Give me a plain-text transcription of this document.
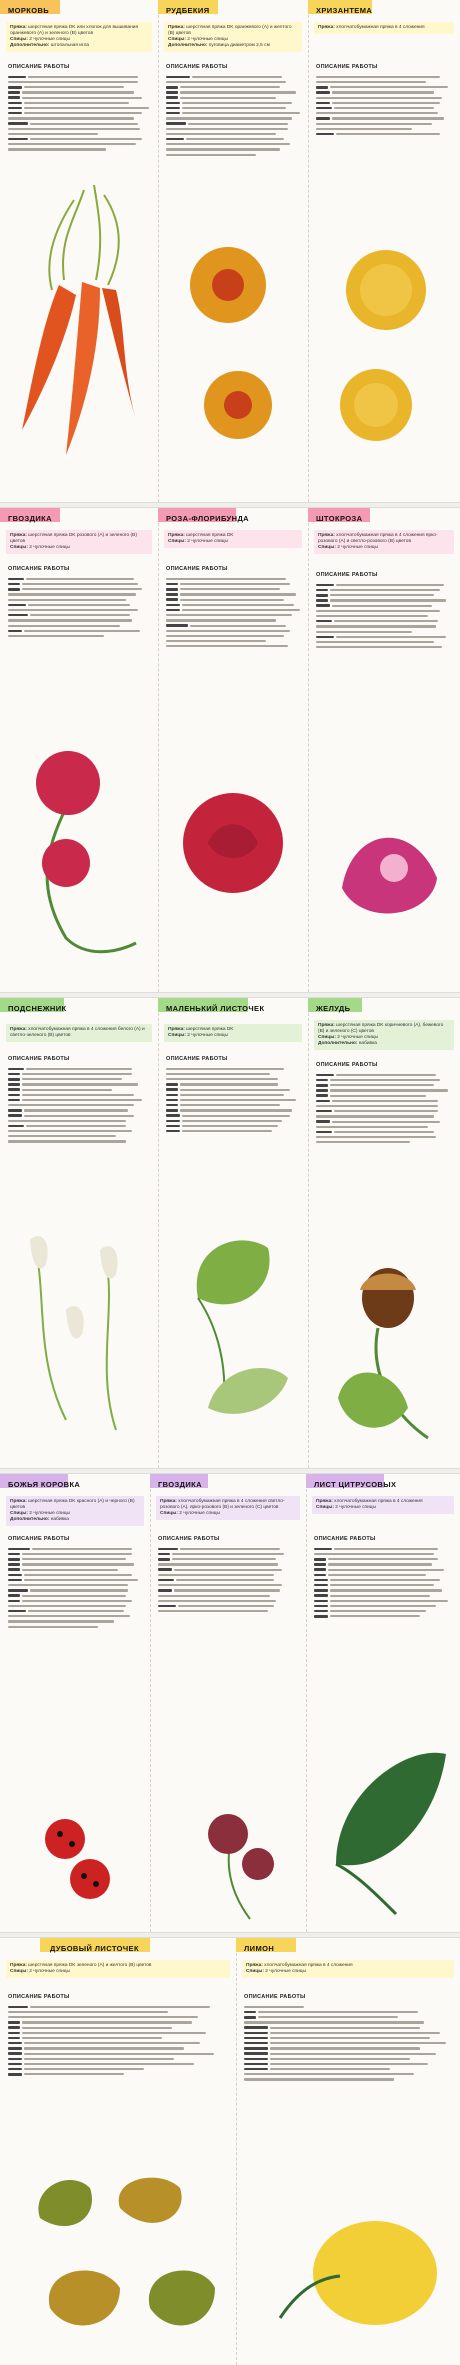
МОРКОВЬ
Пряжа: шерстяная пряжа DK или хлопок для вышивания оранжевого (A) и зеленого (B) цветов
Спицы: 2 чулочные спицы
Дополнительно: штопальная игла
ОПИСАНИЕ РАБОТЫ
РУДБЕКИЯ
Пряжа: шерстяная пряжа DK оранжевого (A) и желтого (B) цветов
Спицы: 2 чулочные спицы
Дополнительно: пуговица диаметром 2,5 см
ОПИСАНИЕ РАБОТЫ
ХРИЗАНТЕМА
Пряжа: хлопчатобумажная пряжа в 4 сложения
ОПИСАНИЕ РАБОТЫ
ГВОЗДИКА
Пряжа: шерстяная пряжа DK розового (A) и зеленого (B) цветов
Спицы: 2 чулочные спицы
ОПИСАНИЕ РАБОТЫ
РОЗА-ФЛОРИБУНДА
Пряжа: шерстяная пряжа DK
Спицы: 2 чулочные спицы
ОПИСАНИЕ РАБОТЫ
ШТОКРОЗА
Пряжа: хлопчатобумажная пряжа в 4 сложения ярко-розового (A) и светло-розового (B) цветов
Спицы: 2 чулочные спицы
ОПИСАНИЕ РАБОТЫ
ПОДСНЕЖНИК
Пряжа: хлопчатобумажная пряжа в 4 сложения белого (A) и светло-зеленого (B) цветов
ОПИСАНИЕ РАБОТЫ
МАЛЕНЬКИЙ ЛИСТОЧЕК
Пряжа: шерстяная пряжа DK
Спицы: 2 чулочные спицы
ОПИСАНИЕ РАБОТЫ
ЖЕЛУДЬ
Пряжа: шерстяная пряжа DK коричневого (A), бежевого (B) и зеленого (C) цветов
Спицы: 2 чулочные спицы
Дополнительно: набивка
ОПИСАНИЕ РАБОТЫ
БОЖЬЯ КОРОВКА
Пряжа: шерстяная пряжа DK красного (A) и черного (B) цветов
Спицы: 2 чулочные спицы
Дополнительно: набивка
ОПИСАНИЕ РАБОТЫ
ГВОЗДИКА
Пряжа: хлопчатобумажная пряжа в 4 сложения светло-розового (A), ярко-розового (B) и зеленого (C) цветов
Спицы: 2 чулочные спицы
ОПИСАНИЕ РАБОТЫ
ЛИСТ ЦИТРУСОВЫХ
Пряжа: хлопчатобумажная пряжа в 4 сложения
Спицы: 2 чулочные спицы
ОПИСАНИЕ РАБОТЫ
ДУБОВЫЙ ЛИСТОЧЕК
Пряжа: шерстяная пряжа DK зеленого (A) и желтого (B) цветов
Спицы: 2 чулочные спицы
ОПИСАНИЕ РАБОТЫ
ЛИМОН
Пряжа: хлопчатобумажная пряжа в 4 сложения
Спицы: 2 чулочные спицы
ОПИСАНИЕ РАБОТЫ
